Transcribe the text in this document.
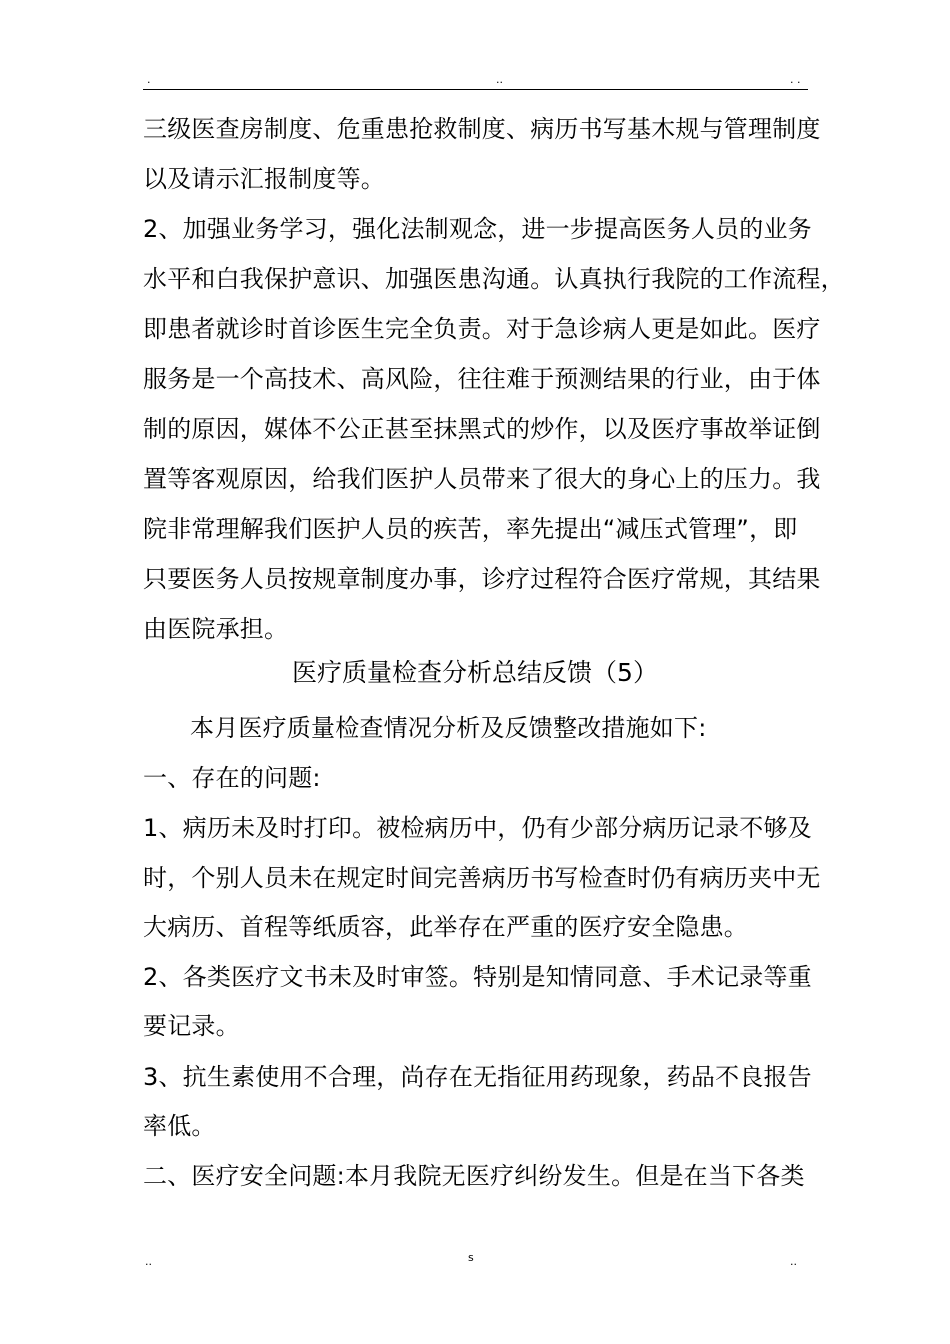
.	..	. .
三级医查房制度、危重患抢救制度、病历书写基木规与管理制度
以及请示汇报制度等。
2、加强业务学习，强化法制观念，进一步提高医务人员的业务
水平和白我保护意识、加强医患沟通。认真执行我院的工作流程，
即患者就诊时首诊医生完全负责。对于急诊病人更是如此。医疗
服务是一个高技术、高风险，往往难于预测结果的行业，由于体
制的原因，媒体不公正甚至抹黑式的炒作，以及医疗事故举证倒
置等客观原因，给我们医护人员带来了很大的身心上的压力。我
院非常理解我们医护人员的疾苦，率先提出“减压式管理”，即
只要医务人员按规章制度办事，诊疗过程符合医疗常规，其结果
由医院承担。
医疗质量检查分析总结反馈（5）
本月医疗质量检查情况分析及反馈整改措施如下:
一、存在的问题:
1、病历未及时打印。被检病历中，仍有少部分病历记录不够及
时，个别人员未在规定时间完善病历书写检查时仍有病历夹中无
大病历、首程等纸质容，此举存在严重的医疗安全隐患。
2、各类医疗文书未及时审签。特别是知情同意、手术记录等重
要记录。
3、抗生素使用不合理，尚存在无指征用药现象，药品不良报告
率低。
二、医疗安全问题:本月我院无医疗纠纷发生。但是在当下各类
..	s	..
